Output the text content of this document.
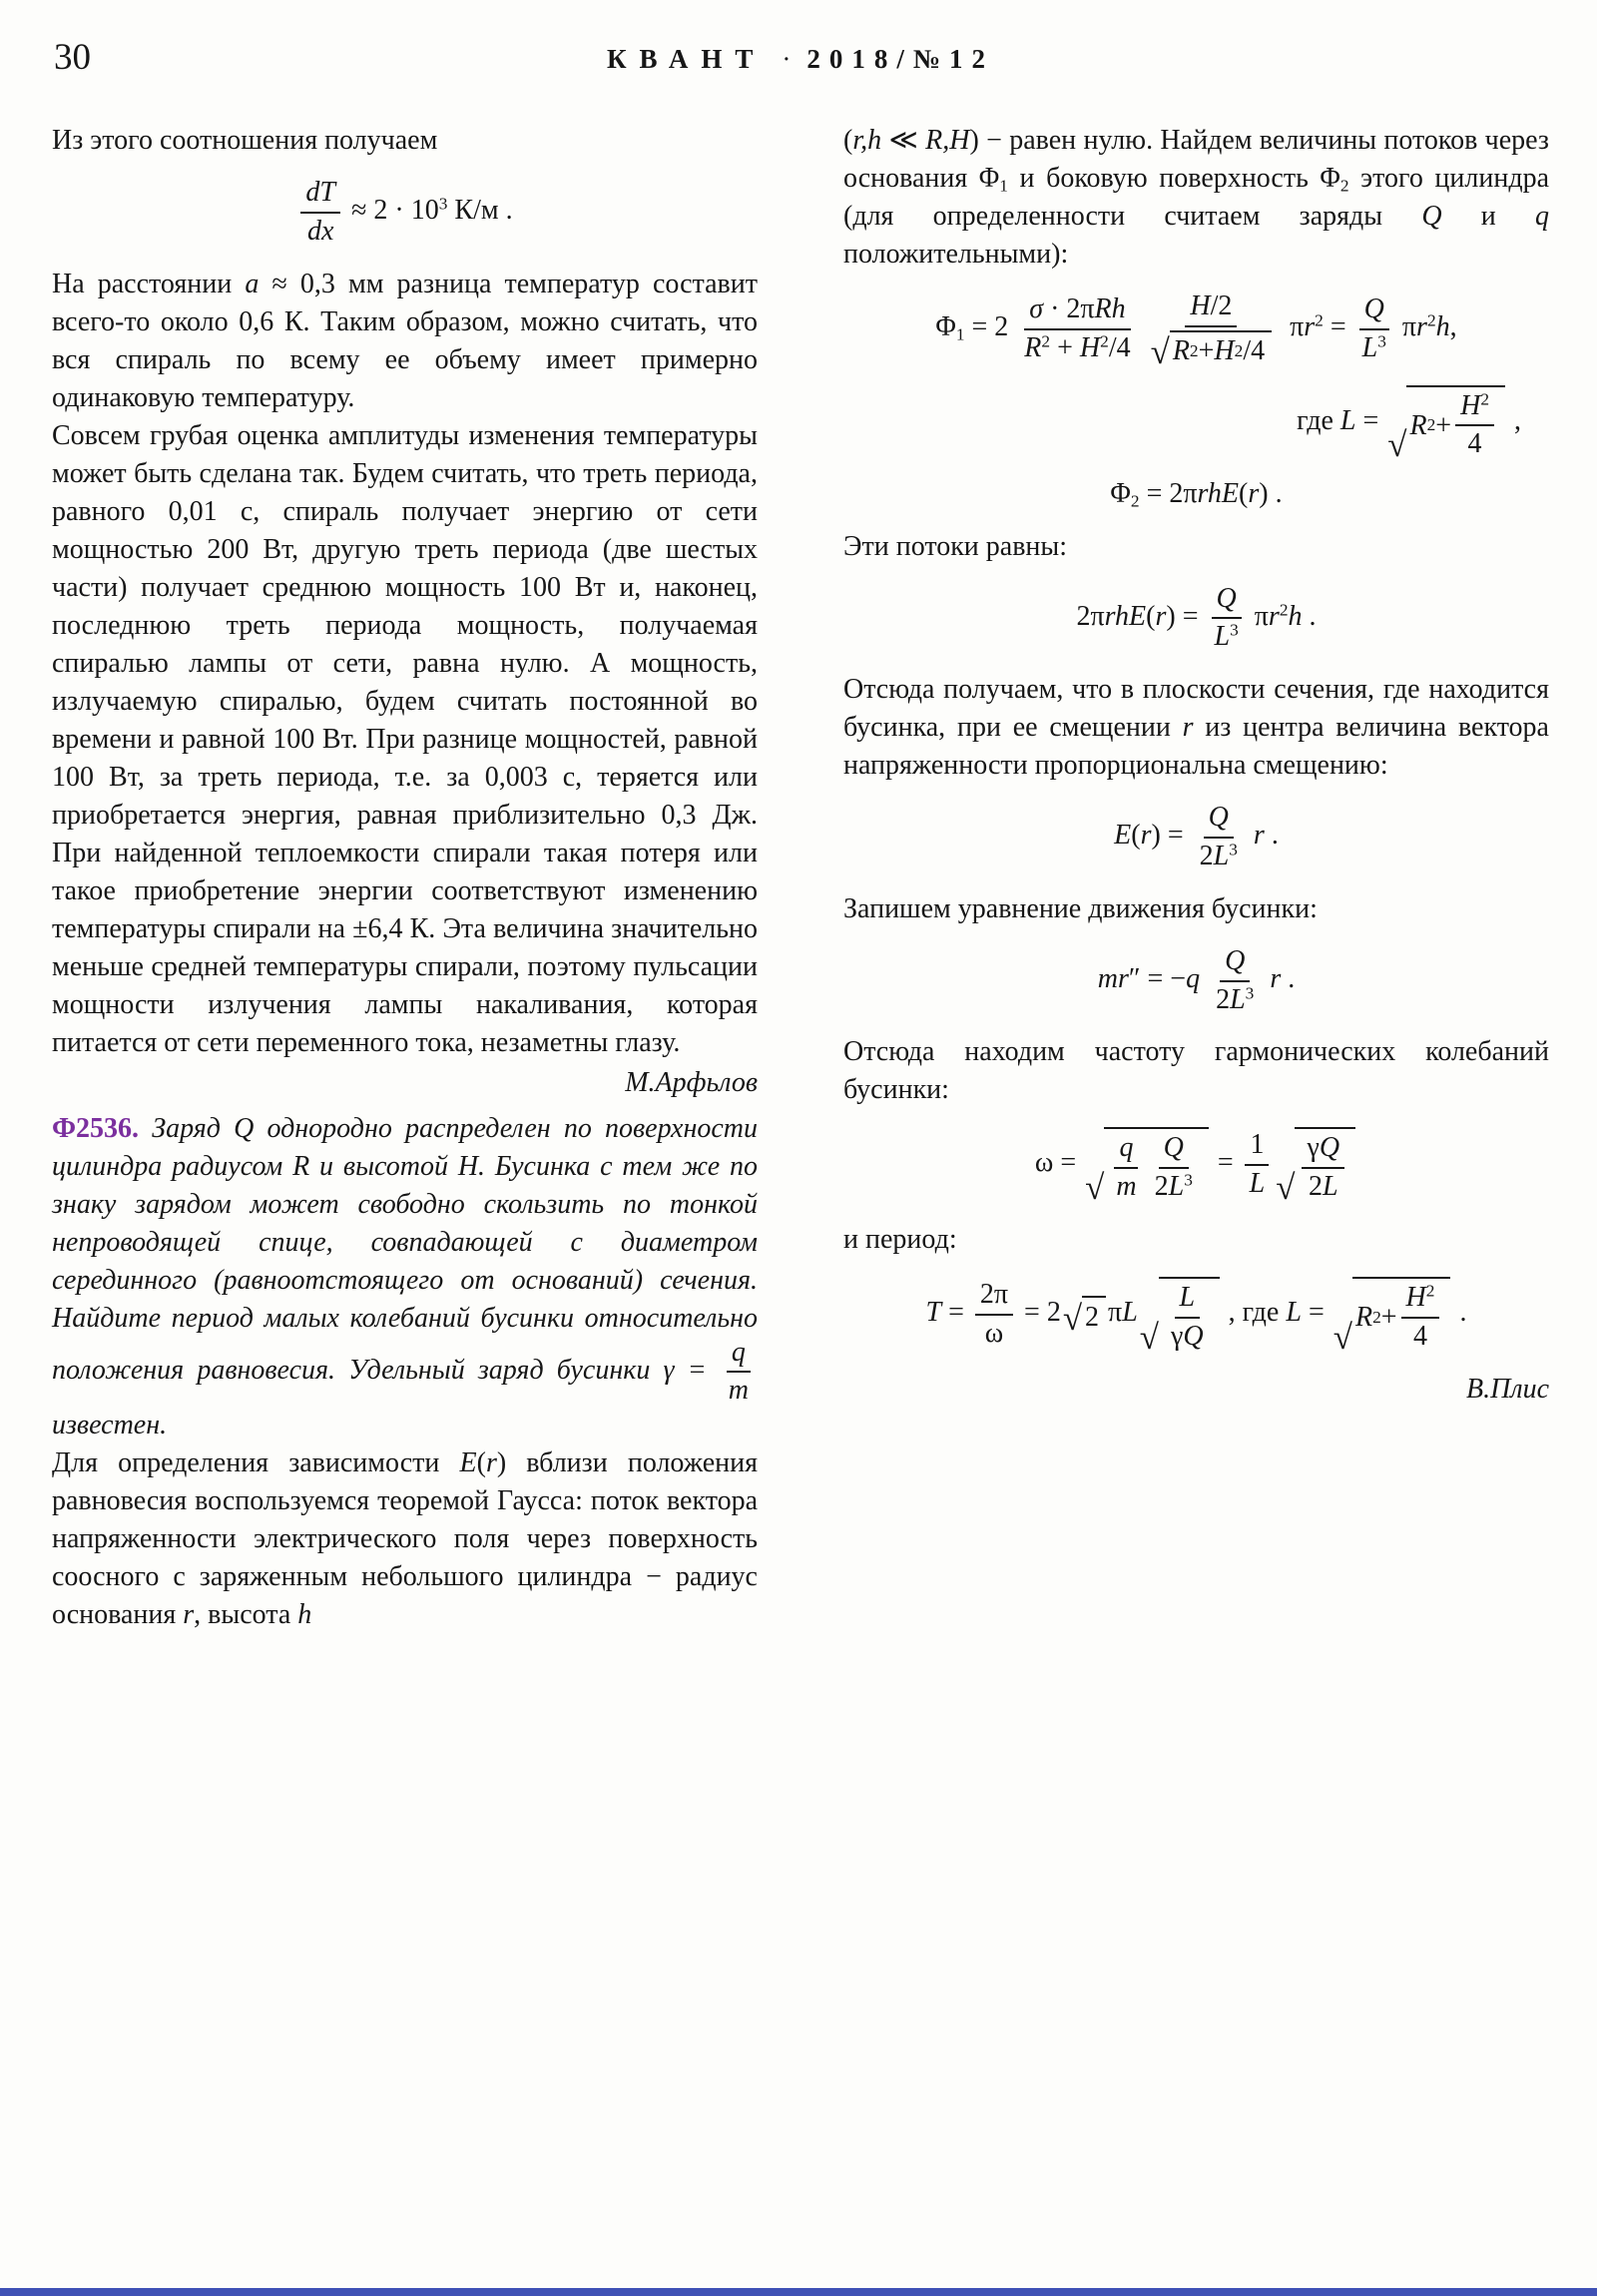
30	КВАНТ · 2018/№12
Из этого соотношения получаем
$\frac{dT}{dx} \approx 2 \cdot 10^3$ К/м .
На расстоянии a ≈ 0,3 мм разница температур составит всего-то около 0,6 К. Таким образом, можно считать, что вся спираль по всему ее объему имеет примерно одинаковую температуру.
Совсем грубая оценка амплитуды изменения температуры может быть сделана так. Будем считать, что треть периода, равного 0,01 с, спираль получает энергию от сети мощностью 200 Вт, другую треть периода (две шестых части) получает среднюю мощность 100 Вт и, наконец, последнюю треть периода мощность, получаемая спиралью лампы от сети, равна нулю. А мощность, излучаемую спиралью, будем считать постоянной во времени и равной 100 Вт. При разнице мощностей, равной 100 Вт, за треть периода, т.е. за 0,003 с, теряется или приобретается энергия, равная приблизительно 0,3 Дж. При найденной теплоемкости спирали такая потеря или такое приобретение энергии соответствуют изменению температуры спирали на ±6,4 К. Эта величина значительно меньше средней температуры спирали, поэтому пульсации мощности излучения лампы накаливания, которая питается от сети переменного тока, незаметны глазу.
М.Арфьлов
Ф2536. Заряд Q однородно распределен по поверхности цилиндра радиусом R и высотой H. Бусинка с тем же по знаку зарядом может свободно скользить по тонкой непроводящей спице, совпадающей с диаметром серединного (равноотстоящего от оснований) сечения. Найдите период малых колебаний бусинки относительно положения равновесия. Удельный заряд бусинки $\gamma = \frac{q}{m}$
известен.
Для определения зависимости E(r) вблизи положения равновесия воспользуемся теоремой Гаусса: поток вектора напряженности электрического поля через поверхность соосного с заряженным небольшого цилиндра − радиус основания r, высота h
(r,h ≪ R,H) − равен нулю. Найдем величины потоков через основания $\Phi_1$ и боковую поверхность $\Phi_2$ этого цилиндра (для определенности считаем заряды Q и q положительными):
$\Phi_1 = 2 \frac{\text{σ · 2πRh}}{R^2 + H^2/4} \frac{H/2}{√ R 2 + H 2 /4} \pi r^2 = \frac{Q}{L^3} \pi r^2h$,
где L =
√
R $2 + \frac{H^2}{4}$ ,
$\Phi_2 = 2\pi rhE(r)$ .
Эти потоки равны:
$2\pi rhE(r) = \frac{Q}{L^3} \pi r^2h$ .
Отсюда получаем, что в плоскости сечения, где находится бусинка, при ее смещении r из центра величина вектора напряженности пропорциональна смещению:
$E(r) = \frac{Q}{2L^3}$ r .
Запишем уравнение движения бусинки:
$mr'' = -q \frac{Q}{2L^3}$ r .
Отсюда находим частоту гармонических колебаний бусинки:
ω =
√ $\frac{q}{m} \frac{Q}{2L^3} = \frac{1}{L}$ √ $\frac{\gamma Q}{2L}$
и период:
$T = \frac{2\pi}{\omega} = 2$ √ 2 πL
√ $\frac{L}{\gamma Q}$ , где L =
√
R $2 + \frac{H^2}{4}$ .
В.Плис
